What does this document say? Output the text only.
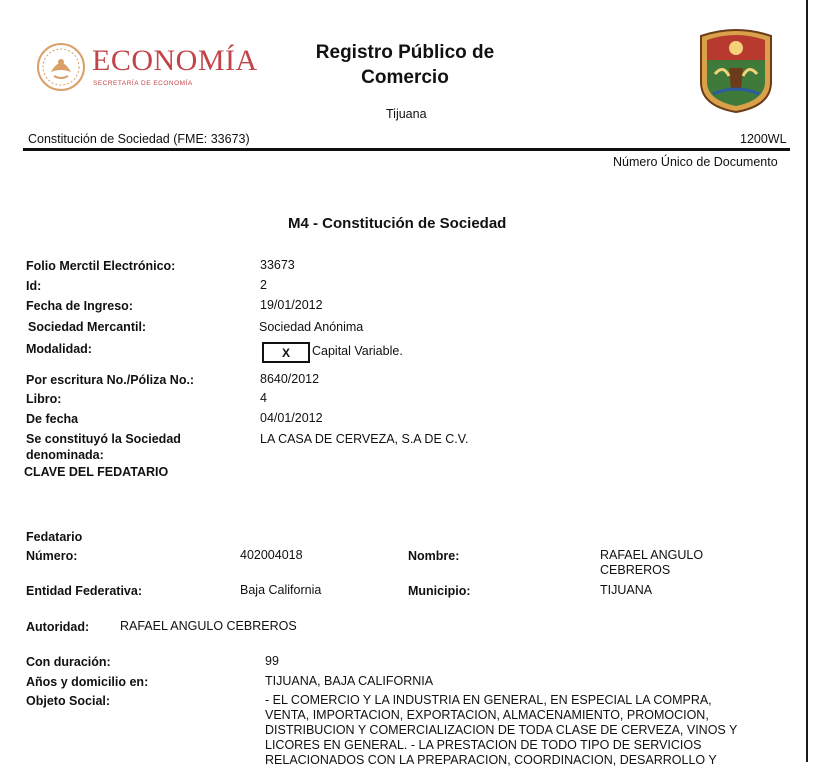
ECONOMÍA
SECRETARÍA DE ECONOMÍA
Registro Público de
Comercio
Tijuana
Constitución de Sociedad (FME: 33673)	1200WL
Número Único de Documento
M4 - Constitución de Sociedad
Folio Merctil Electrónico:	33673
Id:	2
Fecha de Ingreso:	19/01/2012
Sociedad Mercantil:	Sociedad Anónima
Modalidad:	X	Capital Variable.
Por escritura No./Póliza No.:	8640/2012
Libro:	4
De fecha	04/01/2012
Se constituyó la Sociedad
denominada:
LA CASA DE CERVEZA, S.A DE C.V.
CLAVE DEL FEDATARIO
Fedatario
Número:	402004018	Nombre:	RAFAEL ANGULO
CEBREROS
Entidad Federativa:	Baja California	Municipio:	TIJUANA
Autoridad: RAFAEL ANGULO CEBREROS
Con duración:	99
Años y domicilio en:	TIJUANA, BAJA CALIFORNIA
Objeto Social:	- EL COMERCIO Y LA INDUSTRIA EN GENERAL, EN ESPECIAL LA COMPRA,
VENTA, IMPORTACION, EXPORTACION, ALMACENAMIENTO, PROMOCION,
DISTRIBUCION Y COMERCIALIZACION DE TODA CLASE DE CERVEZA, VINOS Y
LICORES EN GENERAL. - LA PRESTACION DE TODO TIPO DE SERVICIOS
RELACIONADOS CON LA PREPARACION, COORDINACION, DESARROLLO Y
